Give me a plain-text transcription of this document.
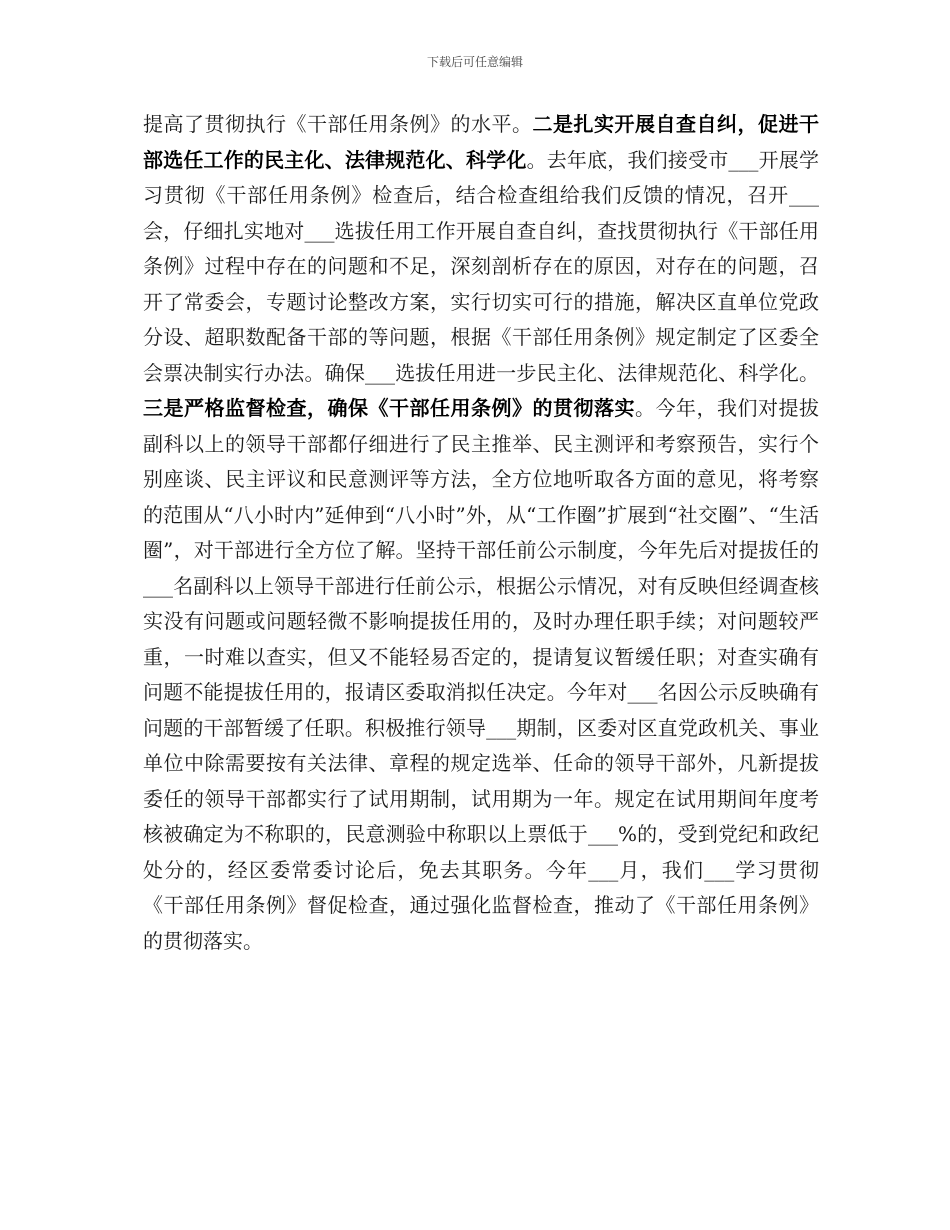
下载后可任意编辑
提高了贯彻执行《干部任用条例》的水平。二是扎实开展自查自纠，促进干部选任工作的民主化、法律规范化、科学化。去年底，我们接受市___开展学习贯彻《干部任用条例》检查后，结合检查组给我们反馈的情况，召开___会，仔细扎实地对___选拔任用工作开展自查自纠，查找贯彻执行《干部任用条例》过程中存在的问题和不足，深刻剖析存在的原因，对存在的问题，召开了常委会，专题讨论整改方案，实行切实可行的措施，解决区直单位党政分设、超职数配备干部的等问题，根据《干部任用条例》规定制定了区委全会票决制实行办法。确保___选拔任用进一步民主化、法律规范化、科学化。三是严格监督检查，确保《干部任用条例》的贯彻落实。今年，我们对提拔副科以上的领导干部都仔细进行了民主推举、民主测评和考察预告，实行个别座谈、民主评议和民意测评等方法，全方位地听取各方面的意见，将考察的范围从“八小时内”延伸到“八小时”外，从“工作圈”扩展到“社交圈”、“生活圈”，对干部进行全方位了解。坚持干部任前公示制度，今年先后对提拔任的___名副科以上领导干部进行任前公示，根据公示情况，对有反映但经调查核实没有问题或问题轻微不影响提拔任用的，及时办理任职手续；对问题较严重，一时难以查实，但又不能轻易否定的，提请复议暂缓任职；对查实确有问题不能提拔任用的，报请区委取消拟任决定。今年对___名因公示反映确有问题的干部暂缓了任职。积极推行领导___期制，区委对区直党政机关、事业单位中除需要按有关法律、章程的规定选举、任命的领导干部外，凡新提拔委任的领导干部都实行了试用期制，试用期为一年。规定在试用期间年度考核被确定为不称职的，民意测验中称职以上票低于___%的，受到党纪和政纪处分的，经区委常委讨论后，免去其职务。今年___月，我们___学习贯彻《干部任用条例》督促检查，通过强化监督检查，推动了《干部任用条例》的贯彻落实。
